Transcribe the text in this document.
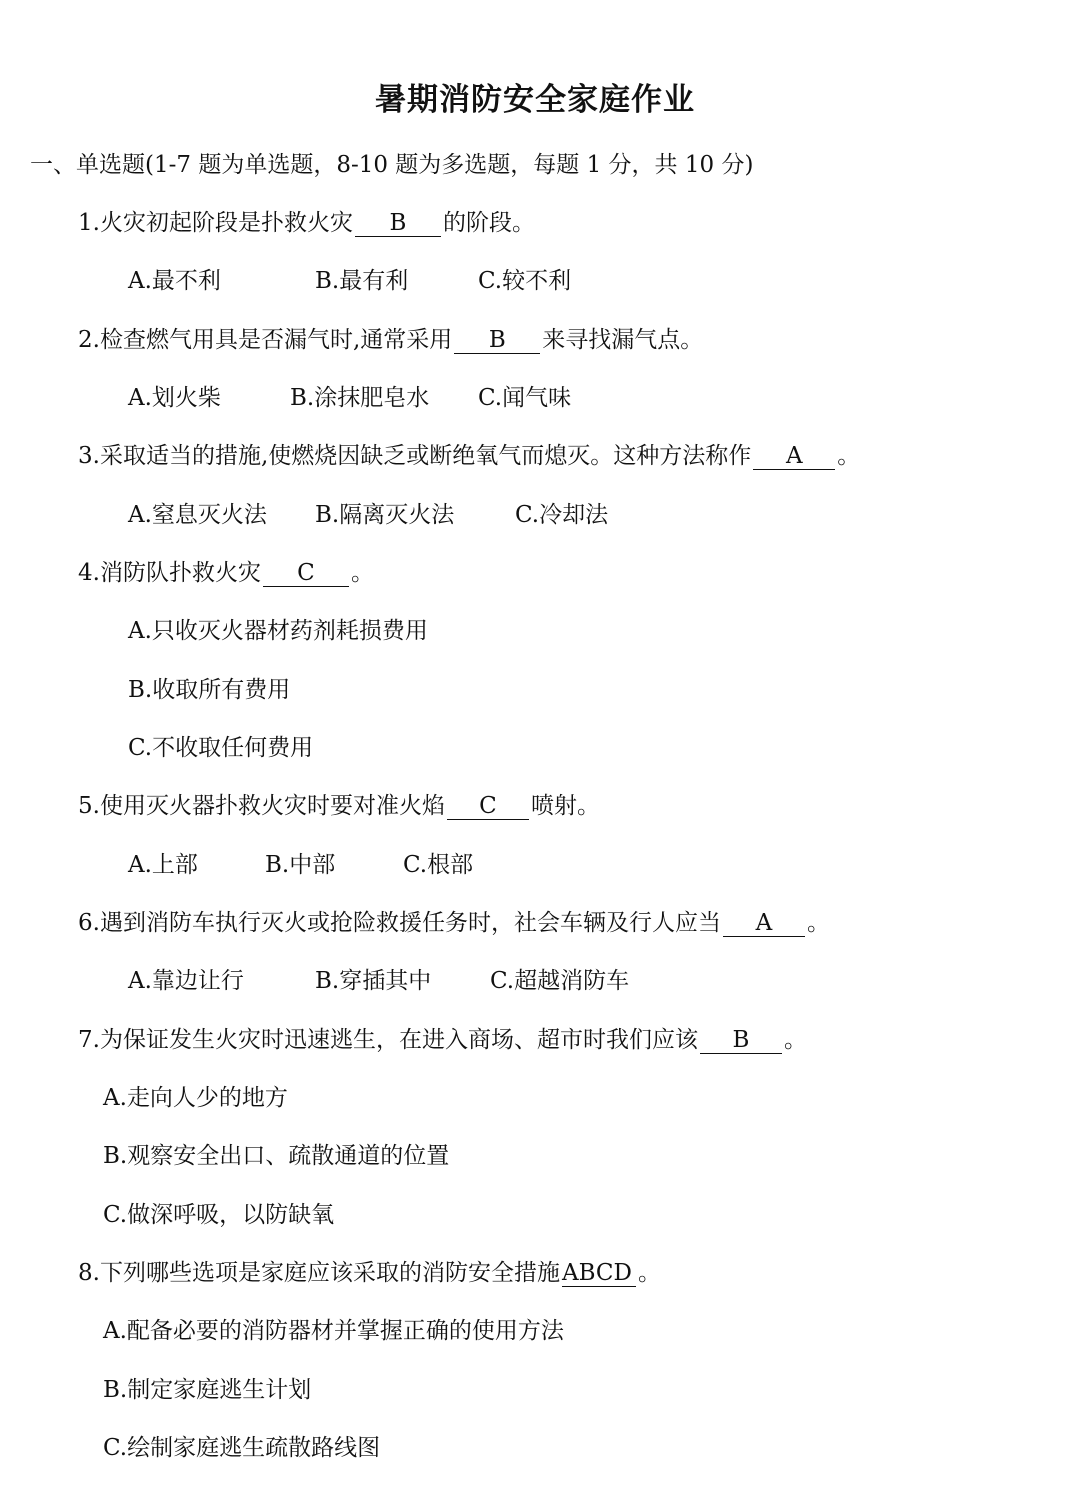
暑期消防安全家庭作业
一、单选题(1-7 题为单选题，8-10 题为多选题，每题 1 分，共 10 分)
1.火灾初起阶段是扑救火灾 B 的阶段。
A.最不利	B.最有利	C.较不利
2.检查燃气用具是否漏气时,通常采用 B 来寻找漏气点。
A.划火柴	B.涂抹肥皂水 C.闻气味
3.采取适当的措施,使燃烧因缺乏或断绝氧气而熄灭。这种方法称作 A 。
A.窒息灭火法 B.隔离灭火法	C.冷却法
4.消防队扑救火灾 C 。
A.只收灭火器材药剂耗损费用
B.收取所有费用
C.不收取任何费用
5.使用灭火器扑救火灾时要对准火焰 C 喷射。
A.上部	B.中部	C.根部
6.遇到消防车执行灭火或抢险救援任务时，社会车辆及行人应当 A 。
A.靠边让行	B.穿插其中	C.超越消防车
7.为保证发生火灾时迅速逃生，在进入商场、超市时我们应该 B 。
A.走向人少的地方
B.观察安全出口、疏散通道的位置
C.做深呼吸，以防缺氧
8.下列哪些选项是家庭应该采取的消防安全措施ABCD 。
A.配备必要的消防器材并掌握正确的使用方法
B.制定家庭逃生计划
C.绘制家庭逃生疏散路线图
